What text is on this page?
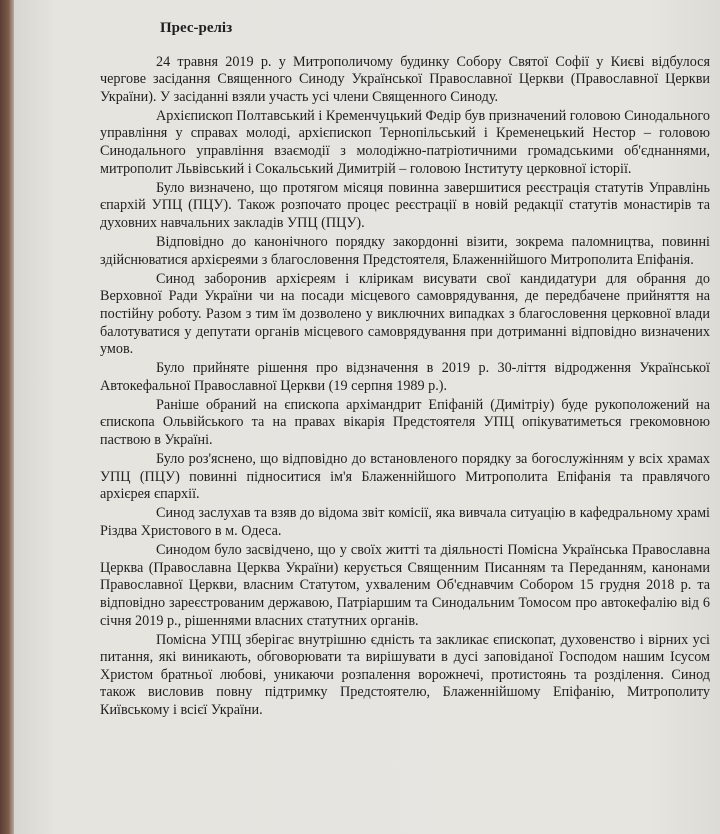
Прес-реліз

24 травня 2019 р. у Митрополичому будинку Собору Святої Софії у Києві відбулося чергове засідання Священного Синоду Української Православної Церкви (Православної Церкви України). У засіданні взяли участь усі члени Священного Синоду.

Архієпископ Полтавський і Кременчуцький Федір був призначений головою Синодального управління у справах молоді, архієпископ Тернопільський і Кременецький Нестор – головою Синодального управління взаємодії з молодіжно-патріотичними громадськими об'єднаннями, митрополит Львівський і Сокальський Димитрій – головою Інституту церковної історії.

Було визначено, що протягом місяця повинна завершитися реєстрація статутів Управлінь єпархій УПЦ (ПЦУ). Також розпочато процес реєстрації в новій редакції статутів монастирів та духовних навчальних закладів УПЦ (ПЦУ).

Відповідно до канонічного порядку закордонні візити, зокрема паломництва, повинні здійснюватися архієреями з благословення Предстоятеля, Блаженнійшого Митрополита Епіфанія.

Синод заборонив архієреям і клірикам висувати свої кандидатури для обрання до Верховної Ради України чи на посади місцевого самоврядування, де передбачене прийняття на постійну роботу. Разом з тим їм дозволено у виключних випадках з благословення церковної влади балотуватися у депутати органів місцевого самоврядування при дотриманні відповідно визначених умов.

Було прийняте рішення про відзначення в 2019 р. 30-ліття відродження Української Автокефальної Православної Церкви (19 серпня 1989 р.).

Раніше обраний на єпископа архімандрит Епіфаній (Димітріу) буде рукоположений на єпископа Ольвійського та на правах вікарія Предстоятеля УПЦ опікуватиметься грекомовною паствою в Україні.

Було роз'яснено, що відповідно до встановленого порядку за богослужінням у всіх храмах УПЦ (ПЦУ) повинні підноситися ім'я Блаженнійшого Митрополита Епіфанія та правлячого архієрея єпархії.

Синод заслухав та взяв до відома звіт комісії, яка вивчала ситуацію в кафедральному храмі Різдва Христового в м. Одеса.

Синодом було засвідчено, що у своїх житті та діяльності Помісна Українська Православна Церква (Православна Церква України) керується Священним Писанням та Переданням, канонами Православної Церкви, власним Статутом, ухваленим Об'єднавчим Собором 15 грудня 2018 р. та відповідно зареєстрованим державою, Патріаршим та Синодальним Томосом про автокефалію від 6 січня 2019 р., рішеннями власних статутних органів.

Помісна УПЦ зберігає внутрішню єдність та закликає єпископат, духовенство і вірних усі питання, які виникають, обговорювати та вирішувати в дусі заповіданої Господом нашим Ісусом Христом братньої любові, уникаючи розпалення ворожнечі, протистоянь та розділення. Синод також висловив повну підтримку Предстоятелю, Блаженнійшому Епіфанію, Митрополиту Київському і всієї України.
